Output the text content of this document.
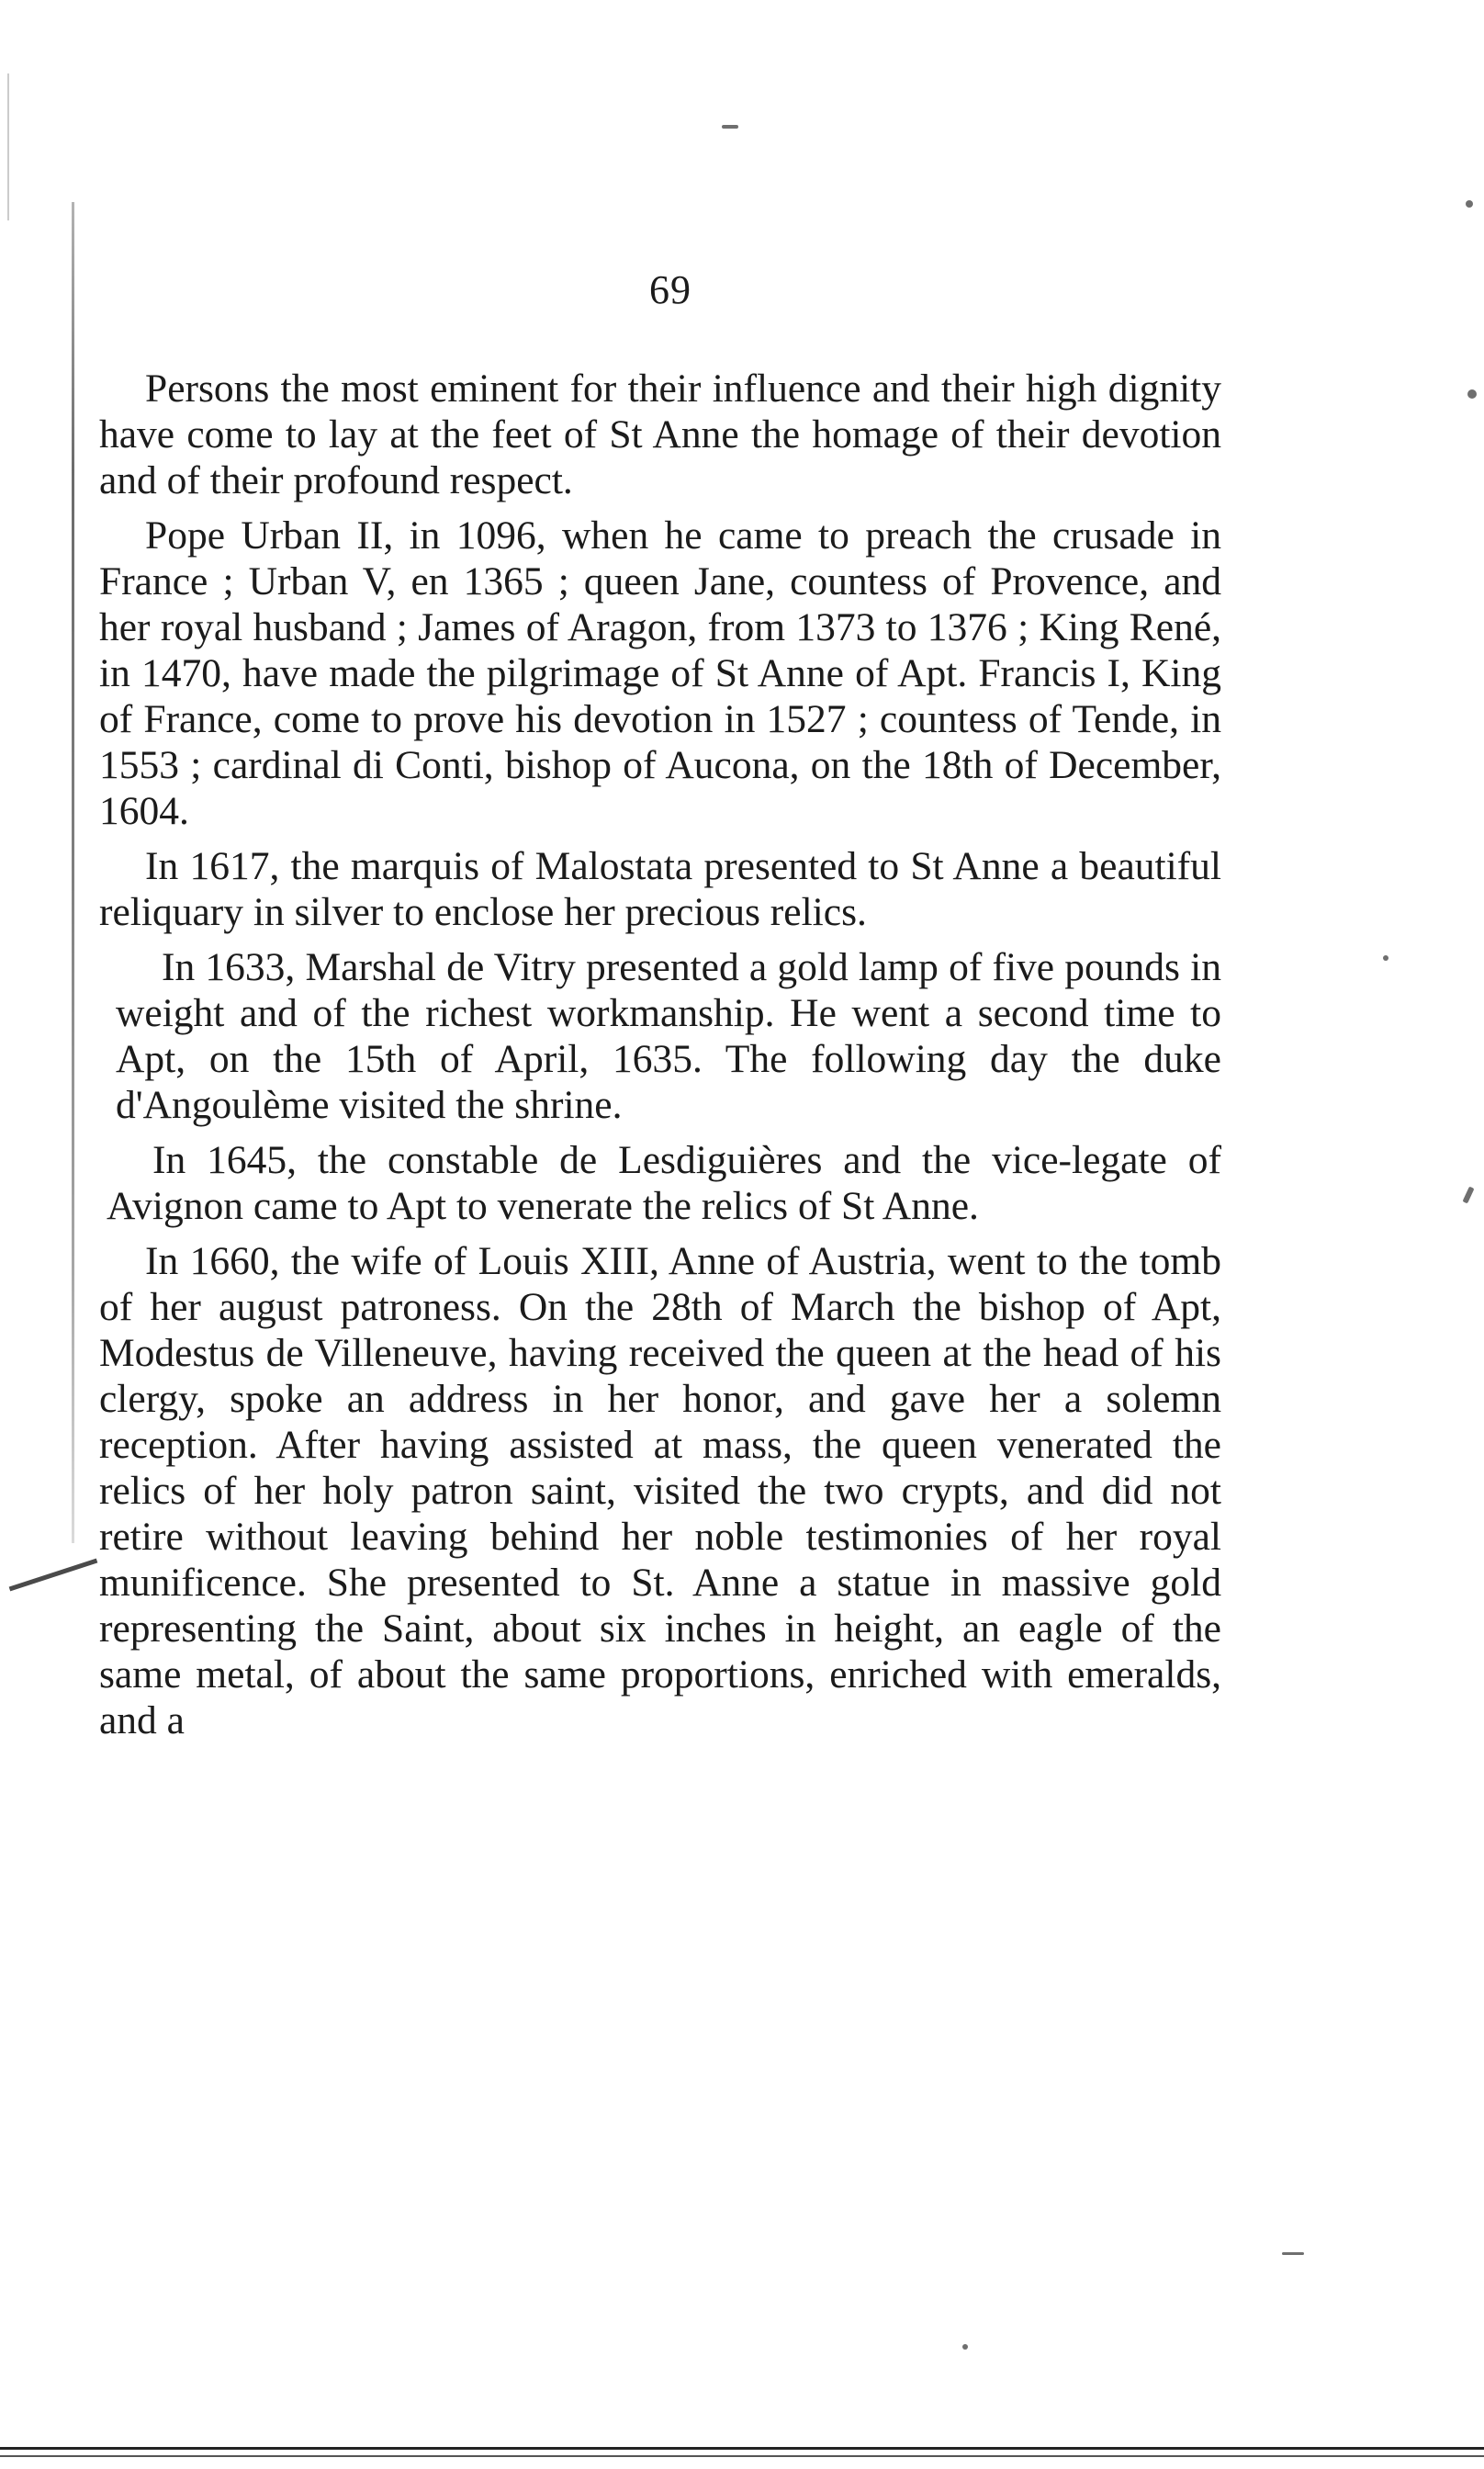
69

Persons the most eminent for their influence and their high dignity have come to lay at the feet of St Anne the homage of their devotion and of their profound respect.

Pope Urban II, in 1096, when he came to preach the crusade in France ; Urban V, en 1365 ; queen Jane, countess of Provence, and her royal husband ; James of Aragon, from 1373 to 1376 ; King René, in 1470, have made the pilgrimage of St Anne of Apt. Francis I, King of France, come to prove his devotion in 1527 ; countess of Tende, in 1553 ; cardinal di Conti, bishop of Aucona, on the 18th of December, 1604.

In 1617, the marquis of Malostata presented to St Anne a beautiful reliquary in silver to enclose her precious relics.

In 1633, Marshal de Vitry presented a gold lamp of five pounds in weight and of the richest workmanship. He went a second time to Apt, on the 15th of April, 1635. The following day the duke d'Angoulème visited the shrine.

In 1645, the constable de Lesdiguières and the vice-legate of Avignon came to Apt to venerate the relics of St Anne.

In 1660, the wife of Louis XIII, Anne of Austria, went to the tomb of her august patroness. On the 28th of March the bishop of Apt, Modestus de Villeneuve, having received the queen at the head of his clergy, spoke an address in her honor, and gave her a solemn reception. After having assisted at mass, the queen venerated the relics of her holy patron saint, visited the two crypts, and did not retire without leaving behind her noble testimonies of her royal munificence. She presented to St. Anne a statue in massive gold representing the Saint, about six inches in height, an eagle of the same metal, of about the same proportions, enriched with emeralds, and a
